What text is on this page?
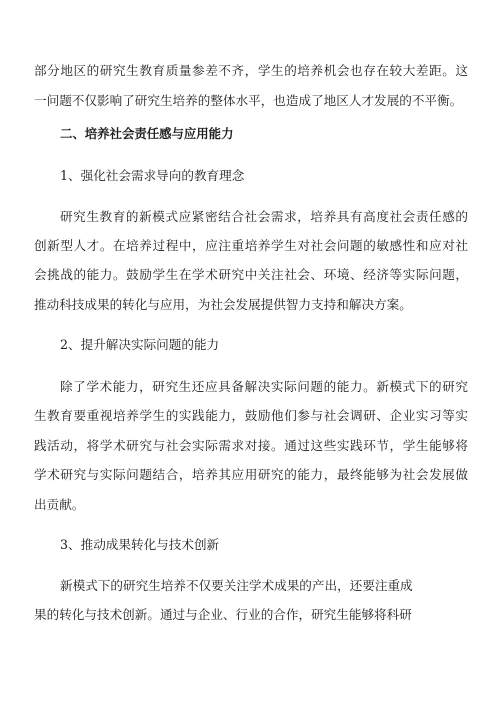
部分地区的研究生教育质量参差不齐，学生的培养机会也存在较大差距。这
一问题不仅影响了研究生培养的整体水平，也造成了地区人才发展的不平衡。
二、培养社会责任感与应用能力
1、强化社会需求导向的教育理念
研究生教育的新模式应紧密结合社会需求，培养具有高度社会责任感的
创新型人才。在培养过程中，应注重培养学生对社会问题的敏感性和应对社
会挑战的能力。鼓励学生在学术研究中关注社会、环境、经济等实际问题，
推动科技成果的转化与应用，为社会发展提供智力支持和解决方案。
2、提升解决实际问题的能力
除了学术能力，研究生还应具备解决实际问题的能力。新模式下的研究
生教育要重视培养学生的实践能力，鼓励他们参与社会调研、企业实习等实
践活动，将学术研究与社会实际需求对接。通过这些实践环节，学生能够将
学术研究与实际问题结合，培养其应用研究的能力，最终能够为社会发展做
出贡献。
3、推动成果转化与技术创新
新模式下的研究生培养不仅要关注学术成果的产出，还要注重成
果的转化与技术创新。通过与企业、行业的合作，研究生能够将科研
